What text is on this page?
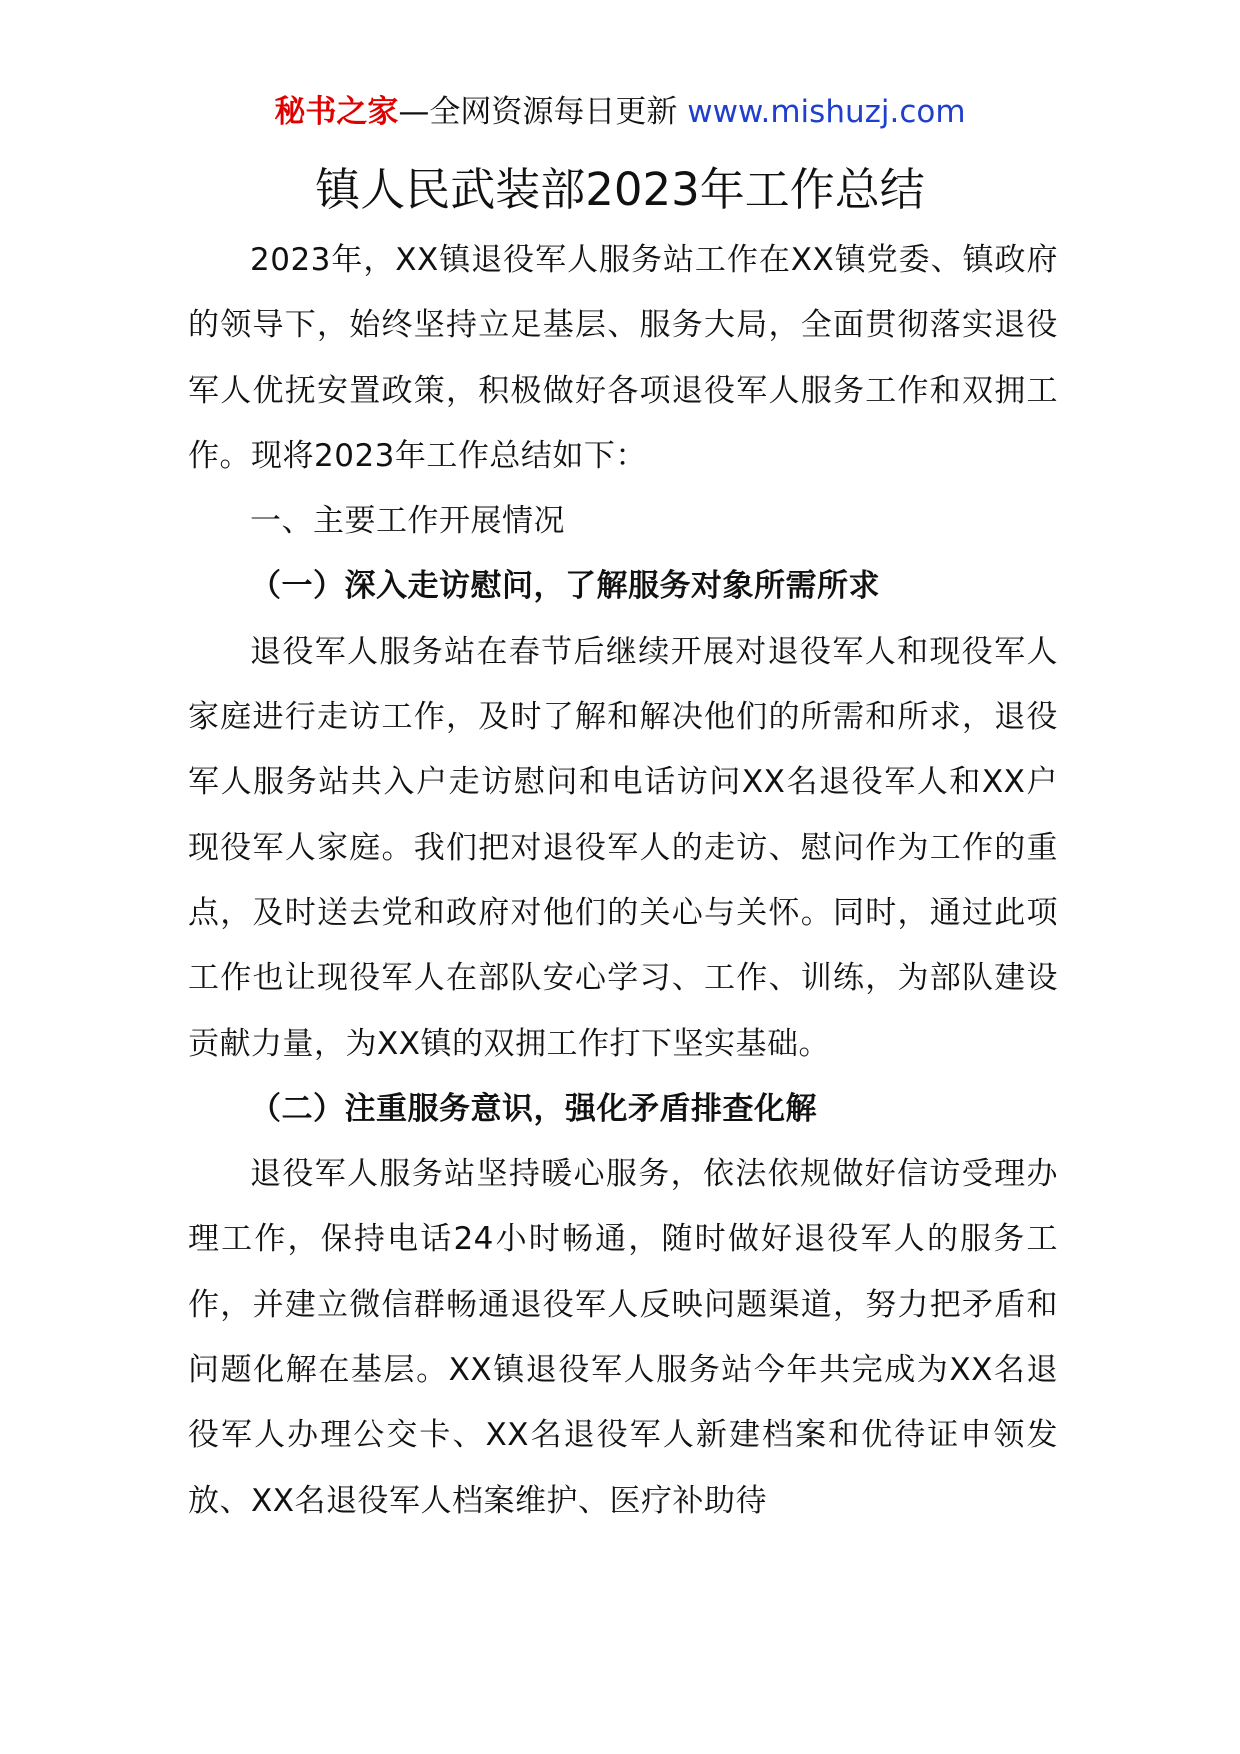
秘书之家—全网资源每日更新 www.mishuzj.com
镇人民武装部2023年工作总结

2023年，XX镇退役军人服务站工作在XX镇党委、镇政府的领导下，始终坚持立足基层、服务大局，全面贯彻落实退役军人优抚安置政策，积极做好各项退役军人服务工作和双拥工作。现将2023年工作总结如下：

一、主要工作开展情况

（一）深入走访慰问，了解服务对象所需所求

退役军人服务站在春节后继续开展对退役军人和现役军人家庭进行走访工作，及时了解和解决他们的所需和所求，退役军人服务站共入户走访慰问和电话访问XX名退役军人和XX户现役军人家庭。我们把对退役军人的走访、慰问作为工作的重点，及时送去党和政府对他们的关心与关怀。同时，通过此项工作也让现役军人在部队安心学习、工作、训练，为部队建设贡献力量，为XX镇的双拥工作打下坚实基础。

（二）注重服务意识，强化矛盾排查化解

退役军人服务站坚持暖心服务，依法依规做好信访受理办理工作，保持电话24小时畅通，随时做好退役军人的服务工作，并建立微信群畅通退役军人反映问题渠道，努力把矛盾和问题化解在基层。XX镇退役军人服务站今年共完成为XX名退役军人办理公交卡、XX名退役军人新建档案和优待证申领发放、XX名退役军人档案维护、医疗补助待
